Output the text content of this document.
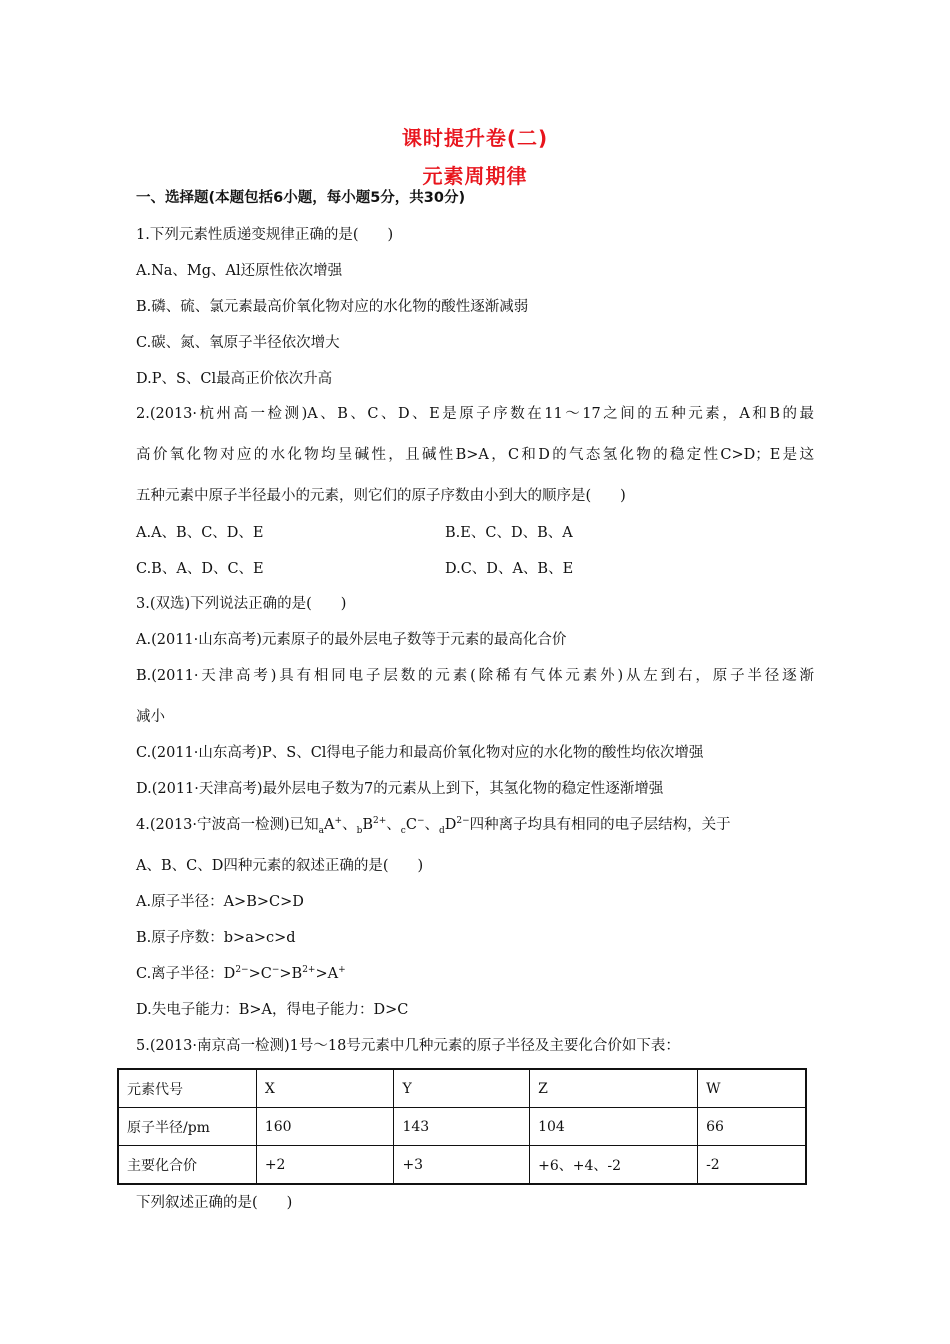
课时提升卷(二)
元素周期律
一、选择题(本题包括6小题，每小题5分，共30分)
1.下列元素性质递变规律正确的是(　　)
A.Na、Mg、Al还原性依次增强
B.磷、硫、氯元素最高价氧化物对应的水化物的酸性逐渐减弱
C.碳、氮、氧原子半径依次增大
D.P、S、Cl最高正价依次升高
2.(2013·杭州高一检测)A、B、C、D、E是原子序数在11～17之间的五种元素，A和B的最
高价氧化物对应的水化物均呈碱性，且碱性B>A，C和D的气态氢化物的稳定性C>D；E是这
五种元素中原子半径最小的元素，则它们的原子序数由小到大的顺序是(　　)
A.A、B、C、D、E	B.E、C、D、B、A
C.B、A、D、C、E	D.C、D、A、B、E
3.(双选)下列说法正确的是(　　)
A.(2011·山东高考)元素原子的最外层电子数等于元素的最高化合价
B.(2011·天津高考)具有相同电子层数的元素(除稀有气体元素外)从左到右，原子半径逐渐
减小
C.(2011·山东高考)P、S、Cl得电子能力和最高价氧化物对应的水化物的酸性均依次增强
D.(2011·天津高考)最外层电子数为7的元素从上到下，其氢化物的稳定性逐渐增强
4.(2013·宁波高一检测)已知$_a$A+、$_bB^{2+}$、$_c$C−、$_dD^{2-}$四种离子均具有相同的电子层结构，关于
A、B、C、D四种元素的叙述正确的是(　　)
A.原子半径：A>B>C>D
B.原子序数：b>a>c>d
C.离子半径：$D^{2-}>C^->B^{2+}>A^+$
D.失电子能力：B>A，得电子能力：D>C
5.(2013·南京高一检测)1号～18号元素中几种元素的原子半径及主要化合价如下表：
元素代号	X	Y	Z	W
原子半径/pm	160	143	104	66
主要化合价	+2	+3	+6、+4、-2	-2
下列叙述正确的是(　　)
